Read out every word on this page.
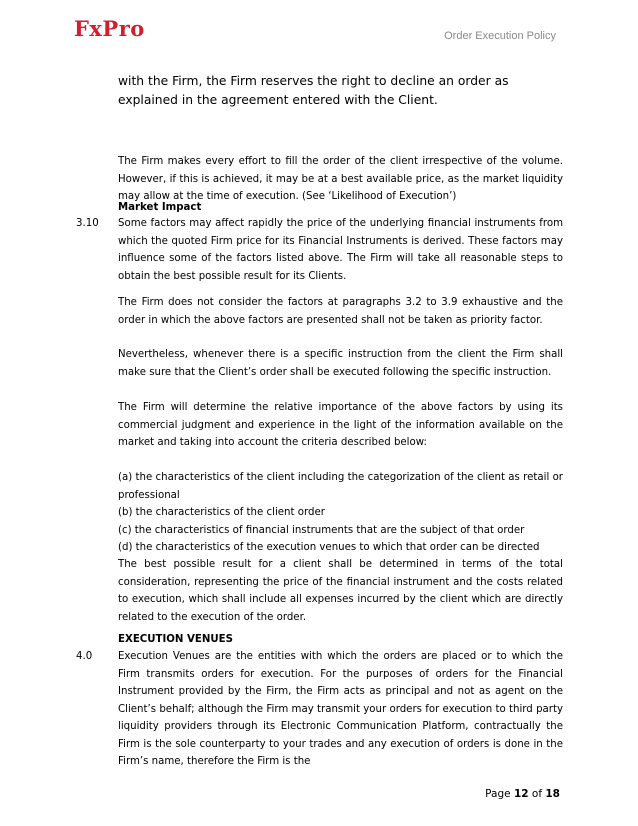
FxPro	Order Execution Policy
with the Firm, the Firm reserves the right to decline an order as explained in the agreement entered with the Client.
The Firm makes every effort to fill the order of the client irrespective of the volume. However, if this is achieved, it may be at a best available price, as the market liquidity may allow at the time of execution. (See ‘Likelihood of Execution’)
Market Impact
3.10 Some factors may affect rapidly the price of the underlying financial instruments from which the quoted Firm price for its Financial Instruments is derived. These factors may influence some of the factors listed above. The Firm will take all reasonable steps to obtain the best possible result for its Clients.
The Firm does not consider the factors at paragraphs 3.2 to 3.9 exhaustive and the order in which the above factors are presented shall not be taken as priority factor.
Nevertheless, whenever there is a specific instruction from the client the Firm shall make sure that the Client’s order shall be executed following the specific instruction.
The Firm will determine the relative importance of the above factors by using its commercial judgment and experience in the light of the information available on the market and taking into account the criteria described below:
(a) the characteristics of the client including the categorization of the client as retail or professional
(b) the characteristics of the client order
(c) the characteristics of financial instruments that are the subject of that order
(d) the characteristics of the execution venues to which that order can be directed
The best possible result for a client shall be determined in terms of the total consideration, representing the price of the financial instrument and the costs related to execution, which shall include all expenses incurred by the client which are directly related to the execution of the order.
EXECUTION VENUES
4.0	Execution Venues are the entities with which the orders are placed or to which the Firm transmits orders for execution. For the purposes of orders for the Financial Instrument provided by the Firm, the Firm acts as principal and not as agent on the Client’s behalf; although the Firm may transmit your orders for execution to third party liquidity providers through its Electronic Communication Platform, contractually the Firm is the sole counterparty to your trades and any execution of orders is done in the Firm’s name, therefore the Firm is the
Page 12 of 18
